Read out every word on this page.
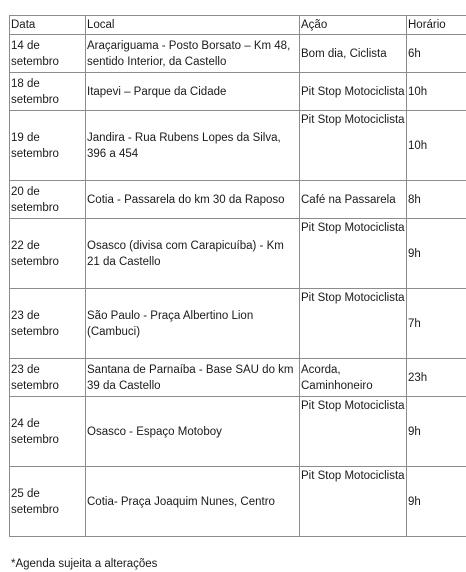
Data	Local	Ação	Horário
14 de setembro	Araçariguama - Posto Borsato – Km 48, sentido Interior, da Castello	Bom dia, Ciclista	6h
18 de setembro	Itapevi – Parque da Cidade	Pit Stop Motociclista	10h
19 de setembro	Jandira - Rua Rubens Lopes da Silva, 396 a 454	Pit Stop Motociclista	10h
20 de setembro	Cotia - Passarela do km 30 da Raposo	Café na Passarela	8h
22 de setembro	Osasco (divisa com Carapicuíba) - Km 21 da Castello	Pit Stop Motociclista	9h
23 de setembro	São Paulo - Praça Albertino Lion (Cambuci)	Pit Stop Motociclista	7h
23 de setembro	Santana de Parnaíba - Base SAU do km 39 da Castello	Acorda, Caminhoneiro	23h
24 de setembro	Osasco - Espaço Motoboy	Pit Stop Motociclista	9h
25 de setembro	Cotia- Praça Joaquim Nunes, Centro	Pit Stop Motociclista	9h
*Agenda sujeita a alterações
